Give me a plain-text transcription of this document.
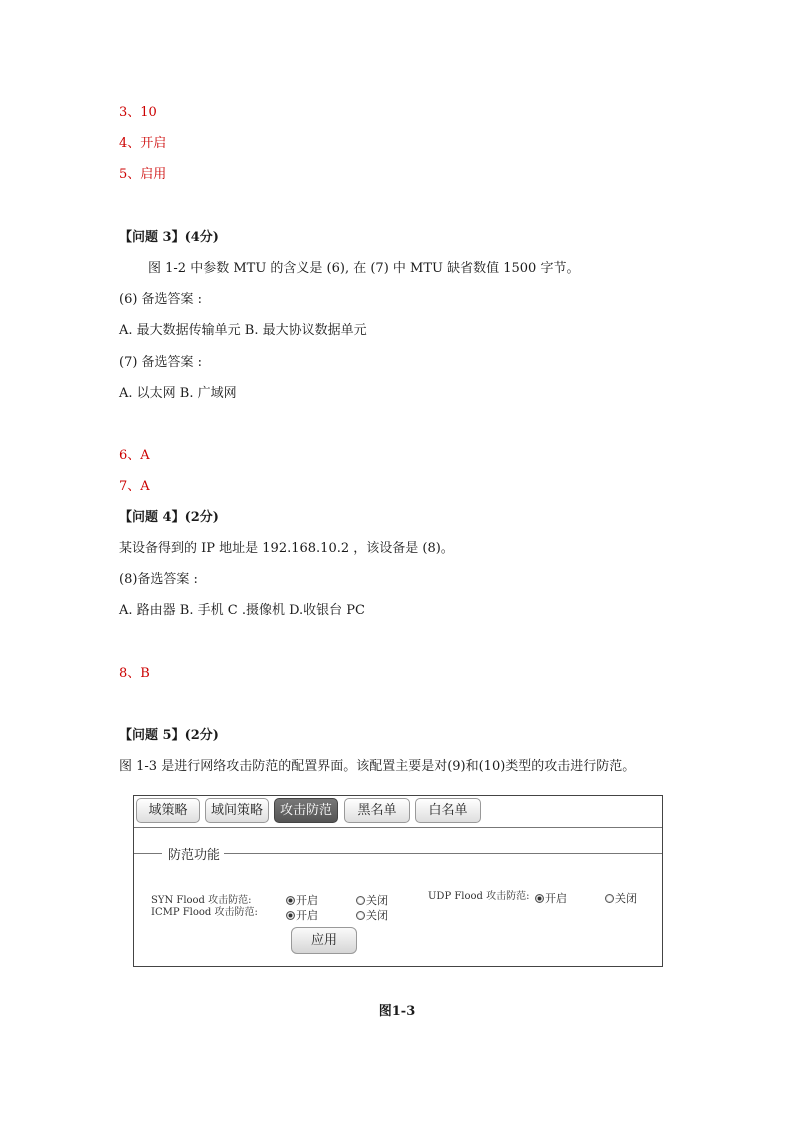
3、10
4、开启
5、启用
【问题 3】(4分)
图 1-2 中参数 MTU 的含义是 (6), 在 (7) 中 MTU 缺省数值 1500 字节。
(6) 备选答案 :
A. 最大数据传输单元 B. 最大协议数据单元
(7) 备选答案 :
A. 以太网 B. 广域网
6、A
7、A
【问题 4】(2分)
某设备得到的 IP 地址是 192.168.10.2 ，该设备是 (8)。
(8)备选答案 :
A. 路由器 B. 手机 C .摄像机 D.收银台 PC
8、B
【问题 5】(2分)
图 1-3 是进行网络攻击防范的配置界面。该配置主要是对(9)和(10)类型的攻击进行防范。
域策略	域间策略	攻击防范	黑名单	白名单
防范功能
SYN Flood 攻击防范:	开启	关闭
ICMP Flood 攻击防范:	开启	关闭
UDP Flood 攻击防范: 开启	关闭
应用
图1-3
